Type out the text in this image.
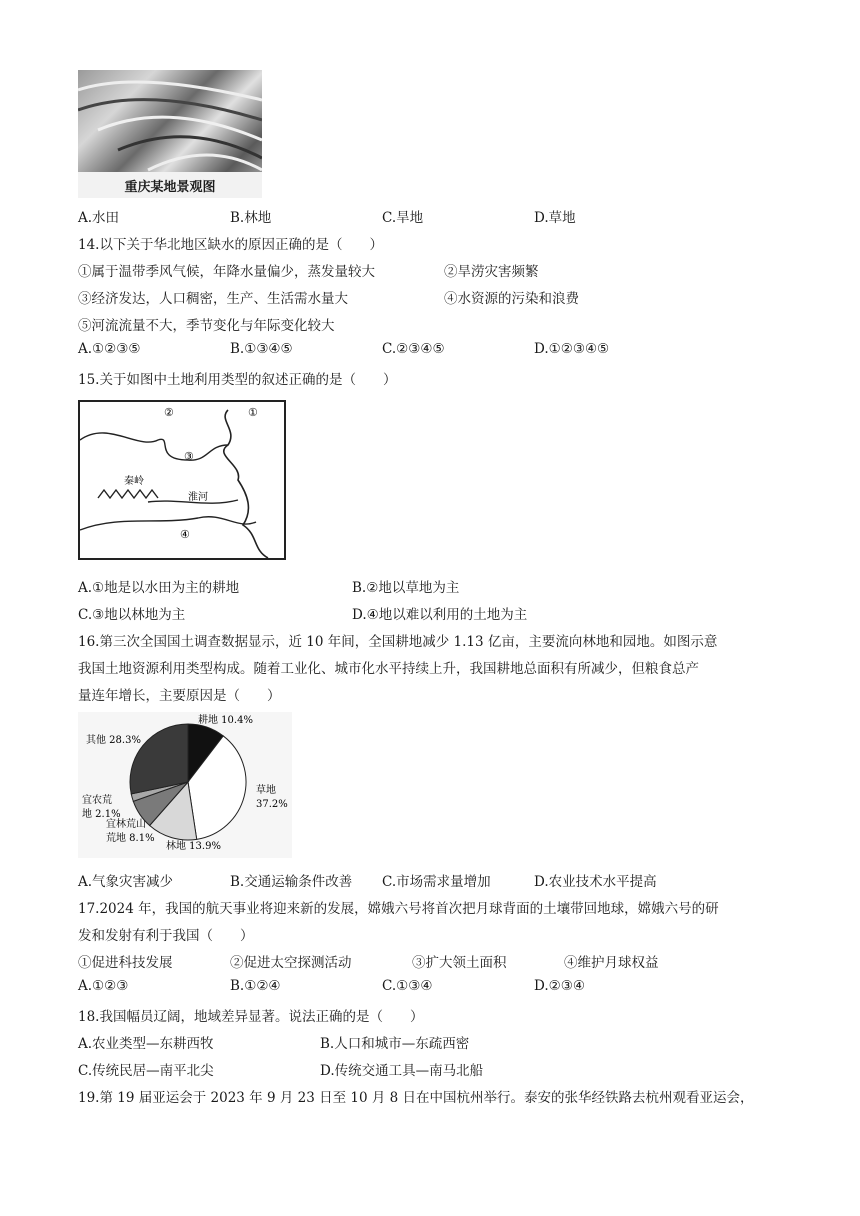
重庆某地景观图
A.水田	B.林地	C.旱地	D.草地
14.以下关于华北地区缺水的原因正确的是（　　）
①属于温带季风气候，年降水量偏少，蒸发量较大	②旱涝灾害频繁
③经济发达，人口稠密，生产、生活需水量大	④水资源的污染和浪费
⑤河流流量不大，季节变化与年际变化较大
A.①②③⑤	B.①③④⑤	C.②③④⑤	D.①②③④⑤
15.关于如图中土地利用类型的叙述正确的是（　　）
②	①
③
④
秦岭
淮河
A.①地是以水田为主的耕地	B.②地以草地为主
C.③地以林地为主	D.④地以难以利用的土地为主
16.第三次全国国土调查数据显示，近 10 年间，全国耕地减少 1.13 亿亩，主要流向林地和园地。如图示意
我国土地资源利用类型构成。随着工业化、城市化水平持续上升，我国耕地总面积有所减少，但粮食总产
量连年增长，主要原因是（　　）
耕地 10.4%
其他 28.3%
草地
37.2%
宜农荒
地 2.1%
宜林荒山
荒地 8.1%
林地 13.9%
A.气象灾害减少	B.交通运输条件改善 C.市场需求量增加	D.农业技术水平提高
17.2024 年，我国的航天事业将迎来新的发展，嫦娥六号将首次把月球背面的土壤带回地球，嫦娥六号的研
发和发射有利于我国（　　）
①促进科技发展	②促进太空探测活动	③扩大领土面积	④维护月球权益
A.①②③	B.①②④	C.①③④	D.②③④
18.我国幅员辽阔，地域差异显著。说法正确的是（　　）
A.农业类型—东耕西牧	B.人口和城市—东疏西密
C.传统民居—南平北尖	D.传统交通工具—南马北船
19.第 19 届亚运会于 2023 年 9 月 23 日至 10 月 8 日在中国杭州举行。泰安的张华经铁路去杭州观看亚运会，
